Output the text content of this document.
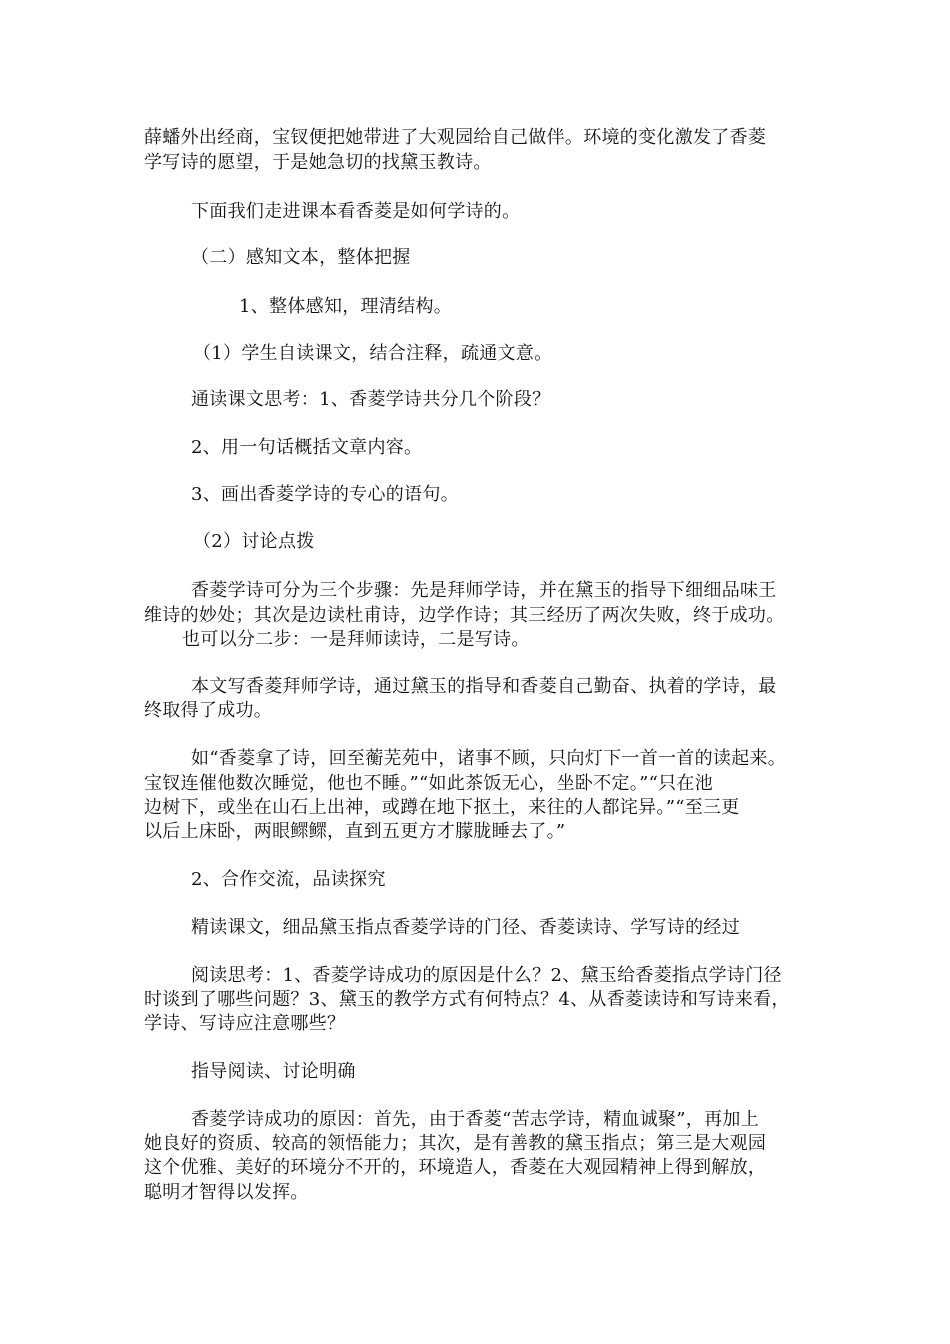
薛蟠外出经商，宝钗便把她带进了大观园给自己做伴。环境的变化激发了香菱
学写诗的愿望，于是她急切的找黛玉教诗。
下面我们走进课本看香菱是如何学诗的。
（二）感知文本，整体把握
1、整体感知，理清结构。
（1）学生自读课文，结合注释，疏通文意。
通读课文思考：1、香菱学诗共分几个阶段？
2、用一句话概括文章内容。
3、画出香菱学诗的专心的语句。
（2）讨论点拨
香菱学诗可分为三个步骤：先是拜师学诗，并在黛玉的指导下细细品味王
维诗的妙处；其次是边读杜甫诗，边学作诗；其三经历了两次失败，终于成功。
也可以分二步：一是拜师读诗，二是写诗。
本文写香菱拜师学诗，通过黛玉的指导和香菱自己勤奋、执着的学诗，最
终取得了成功。
如“香菱拿了诗，回至蘅芜苑中，诸事不顾，只向灯下一首一首的读起来。
宝钗连催他数次睡觉，他也不睡。”“如此茶饭无心，坐卧不定。”“只在池
边树下，或坐在山石上出神，或蹲在地下抠土，来往的人都诧异。”“至三更
以后上床卧，两眼鳏鳏，直到五更方才朦胧睡去了。”
2、合作交流，品读探究
精读课文，细品黛玉指点香菱学诗的门径、香菱读诗、学写诗的经过
阅读思考：1、香菱学诗成功的原因是什么？2、黛玉给香菱指点学诗门径
时谈到了哪些问题？3、黛玉的教学方式有何特点？4、从香菱读诗和写诗来看，
学诗、写诗应注意哪些？
指导阅读、讨论明确
香菱学诗成功的原因：首先，由于香菱“苦志学诗，精血诚聚”，再加上
她良好的资质、较高的领悟能力；其次，是有善教的黛玉指点；第三是大观园
这个优雅、美好的环境分不开的，环境造人，香菱在大观园精神上得到解放，
聪明才智得以发挥。
